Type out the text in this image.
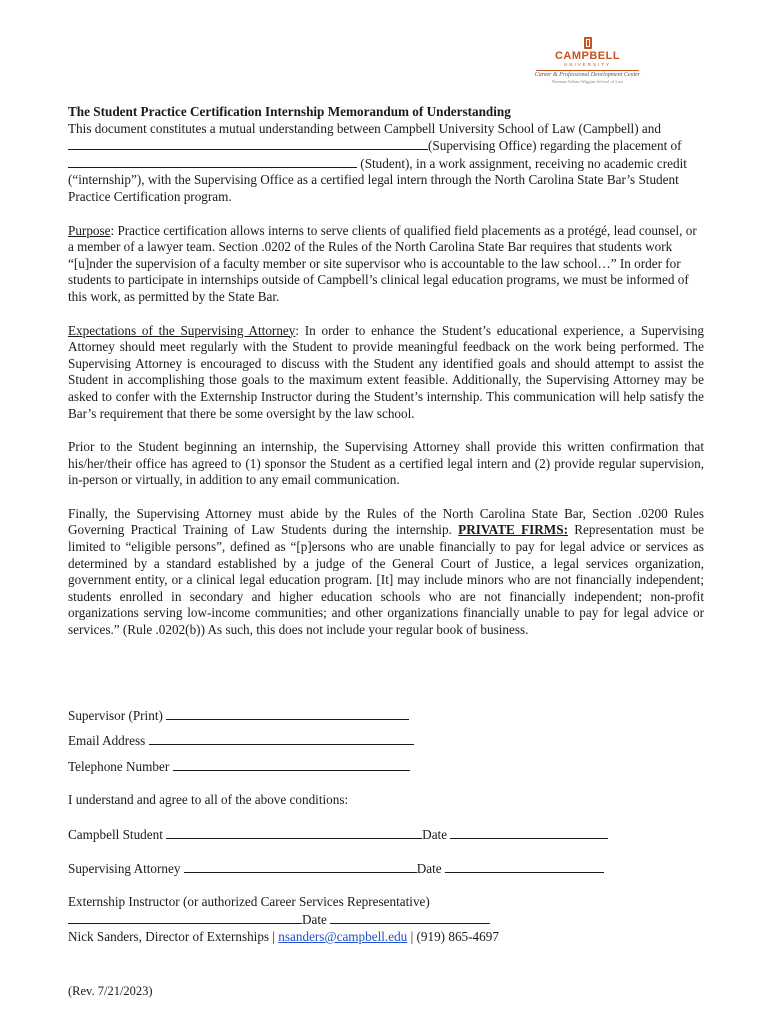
CAMPBELL
UNIVERSITY
Career & Professional Development Center
Norman Adrian Wiggins School of Law

The Student Practice Certification Internship Memorandum of Understanding

This document constitutes a mutual understanding between Campbell University School of Law (Campbell) and (Supervising Office) regarding the placement of (Student), in a work assignment, receiving no academic credit (“internship”), with the Supervising Office as a certified legal intern through the North Carolina State Bar’s Student Practice Certification program.

Purpose: Practice certification allows interns to serve clients of qualified field placements as a protégé, lead counsel, or a member of a lawyer team. Section .0202 of the Rules of the North Carolina State Bar requires that students work “[u]nder the supervision of a faculty member or site supervisor who is accountable to the law school…” In order for students to participate in internships outside of Campbell’s clinical legal education programs, we must be informed of this work, as permitted by the State Bar.

Expectations of the Supervising Attorney: In order to enhance the Student’s educational experience, a Supervising Attorney should meet regularly with the Student to provide meaningful feedback on the work being performed. The Supervising Attorney is encouraged to discuss with the Student any identified goals and should attempt to assist the Student in accomplishing those goals to the maximum extent feasible. Additionally, the Supervising Attorney may be asked to confer with the Externship Instructor during the Student’s internship. This communication will help satisfy the Bar’s requirement that there be some oversight by the law school.

Prior to the Student beginning an internship, the Supervising Attorney shall provide this written confirmation that his/her/their office has agreed to (1) sponsor the Student as a certified legal intern and (2) provide regular supervision, in-person or virtually, in addition to any email communication.

Finally, the Supervising Attorney must abide by the Rules of the North Carolina State Bar, Section .0200 Rules Governing Practical Training of Law Students during the internship. PRIVATE FIRMS: Representation must be limited to “eligible persons”, defined as “[p]ersons who are unable financially to pay for legal advice or services as determined by a standard established by a judge of the General Court of Justice, a legal services organization, government entity, or a clinical legal education program. [It] may include minors who are not financially independent; students enrolled in secondary and higher education schools who are not financially independent; non-profit organizations serving low-income communities; and other organizations financially unable to pay for legal advice or services.” (Rule .0202(b)) As such, this does not include your regular book of business.

Supervisor (Print)
Email Address
Telephone Number
I understand and agree to all of the above conditions:
Campbell Student	Date
Supervising Attorney	Date
Externship Instructor (or authorized Career Services Representative)
Date
Nick Sanders, Director of Externships | nsanders@campbell.edu | (919) 865-4697
(Rev. 7/21/2023)
